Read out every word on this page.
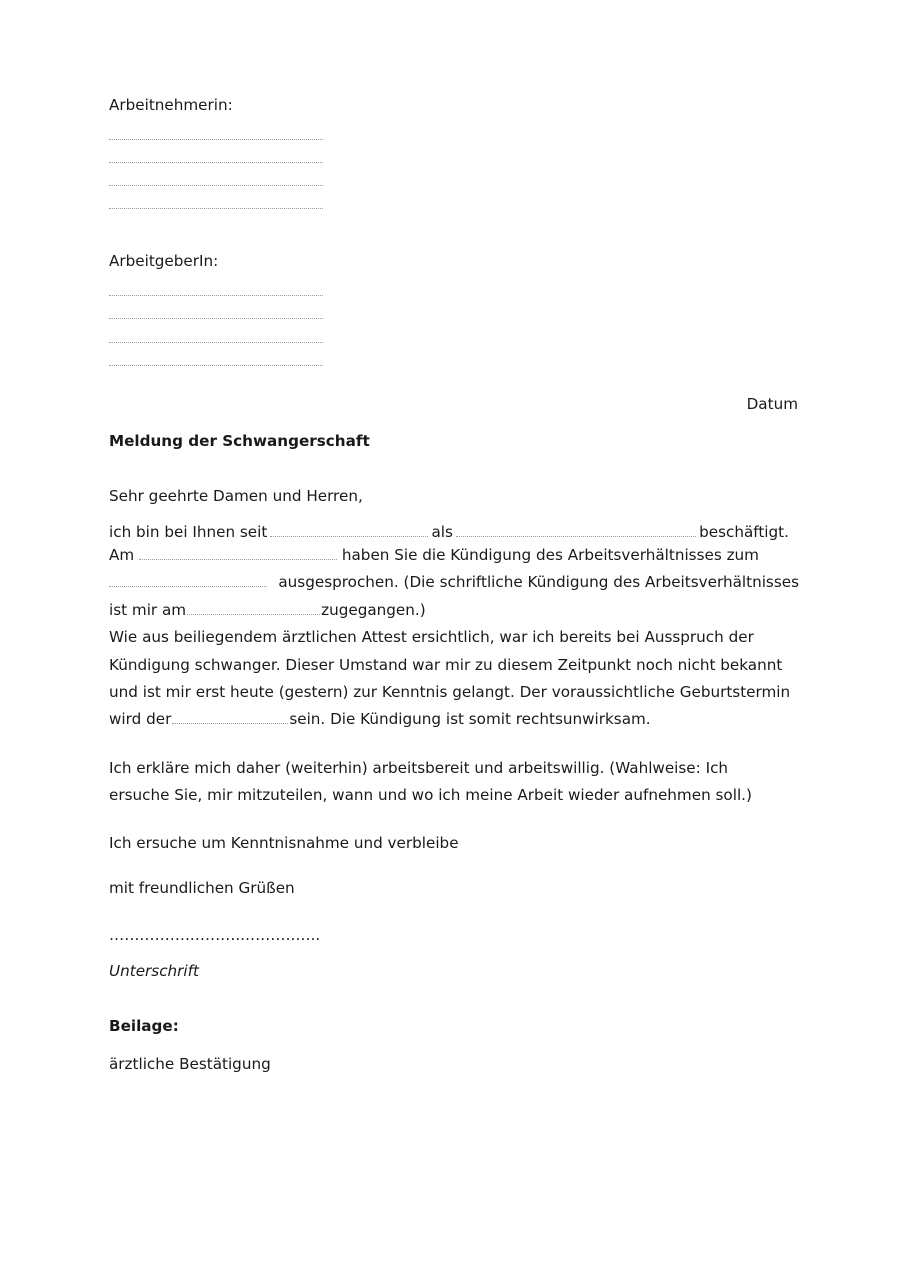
Arbeitnehmerin:
ArbeitgeberIn:
Datum
Meldung der Schwangerschaft
Sehr geehrte Damen und Herren,
ich bin bei Ihnen seit	als	beschäftigt.
Am	haben Sie die Kündigung des Arbeitsverhältnisses zum
ausgesprochen. (Die schriftliche Kündigung des Arbeitsverhältnisses
ist mir am	zugegangen.)
Wie aus beiliegendem ärztlichen Attest ersichtlich, war ich bereits bei Ausspruch der
Kündigung schwanger. Dieser Umstand war mir zu diesem Zeitpunkt noch nicht bekannt
und ist mir erst heute (gestern) zur Kenntnis gelangt. Der voraussichtliche Geburtstermin
wird der	sein. Die Kündigung ist somit rechtsunwirksam.
Ich erkläre mich daher (weiterhin) arbeitsbereit und arbeitswillig. (Wahlweise: Ich
ersuche Sie, mir mitzuteilen, wann und wo ich meine Arbeit wieder aufnehmen soll.)
Ich ersuche um Kenntnisnahme und verbleibe
mit freundlichen Grüßen
…………….………..……….…..
Unterschrift
Beilage:
ärztliche Bestätigung
